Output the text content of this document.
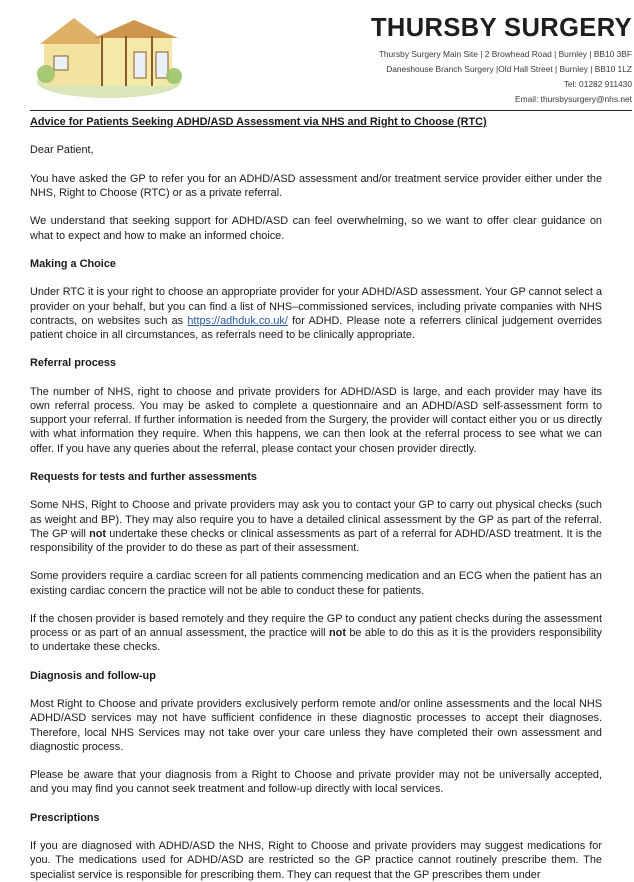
THURSBY SURGERY
Thursby Surgery Main Site | 2 Browhead Road | Burnley | BB10 3BF
Daneshouse Branch Surgery |Old Hall Street | Burnley | BB10 1LZ
Tel: 01282 911430
Email: thursbysurgery@nhs.net

Advice for Patients Seeking ADHD/ASD Assessment via NHS and Right to Choose (RTC)

Dear Patient,

You have asked the GP to refer you for an ADHD/ASD assessment and/or treatment service provider either under the NHS, Right to Choose (RTC) or as a private referral.

We understand that seeking support for ADHD/ASD can feel overwhelming, so we want to offer clear guidance on what to expect and how to make an informed choice.

Making a Choice

Under RTC it is your right to choose an appropriate provider for your ADHD/ASD assessment. Your GP cannot select a provider on your behalf, but you can find a list of NHS–commissioned services, including private companies with NHS contracts, on websites such as https://adhduk.co.uk/ for ADHD. Please note a referrers clinical judgement overrides patient choice in all circumstances, as referrals need to be clinically appropriate.

Referral process

The number of NHS, right to choose and private providers for ADHD/ASD is large, and each provider may have its own referral process. You may be asked to complete a questionnaire and an ADHD/ASD self-assessment form to support your referral. If further information is needed from the Surgery, the provider will contact either you or us directly with what information they require. When this happens, we can then look at the referral process to see what we can offer. If you have any queries about the referral, please contact your chosen provider directly.

Requests for tests and further assessments

Some NHS, Right to Choose and private providers may ask you to contact your GP to carry out physical checks (such as weight and BP). They may also require you to have a detailed clinical assessment by the GP as part of the referral. The GP will not undertake these checks or clinical assessments as part of a referral for ADHD/ASD treatment. It is the responsibility of the provider to do these as part of their assessment.

Some providers require a cardiac screen for all patients commencing medication and an ECG when the patient has an existing cardiac concern the practice will not be able to conduct these for patients.

If the chosen provider is based remotely and they require the GP to conduct any patient checks during the assessment process or as part of an annual assessment, the practice will not be able to do this as it is the providers responsibility to undertake these checks.

Diagnosis and follow-up

Most Right to Choose and private providers exclusively perform remote and/or online assessments and the local NHS ADHD/ASD services may not have sufficient confidence in these diagnostic processes to accept their diagnoses. Therefore, local NHS Services may not take over your care unless they have completed their own assessment and diagnostic process.

Please be aware that your diagnosis from a Right to Choose and private provider may not be universally accepted, and you may find you cannot seek treatment and follow-up directly with local services.

Prescriptions

If you are diagnosed with ADHD/ASD the NHS, Right to Choose and private providers may suggest medications for you. The medications used for ADHD/ASD are restricted so the GP practice cannot routinely prescribe them. The specialist service is responsible for prescribing them. They can request that the GP prescribes them under
